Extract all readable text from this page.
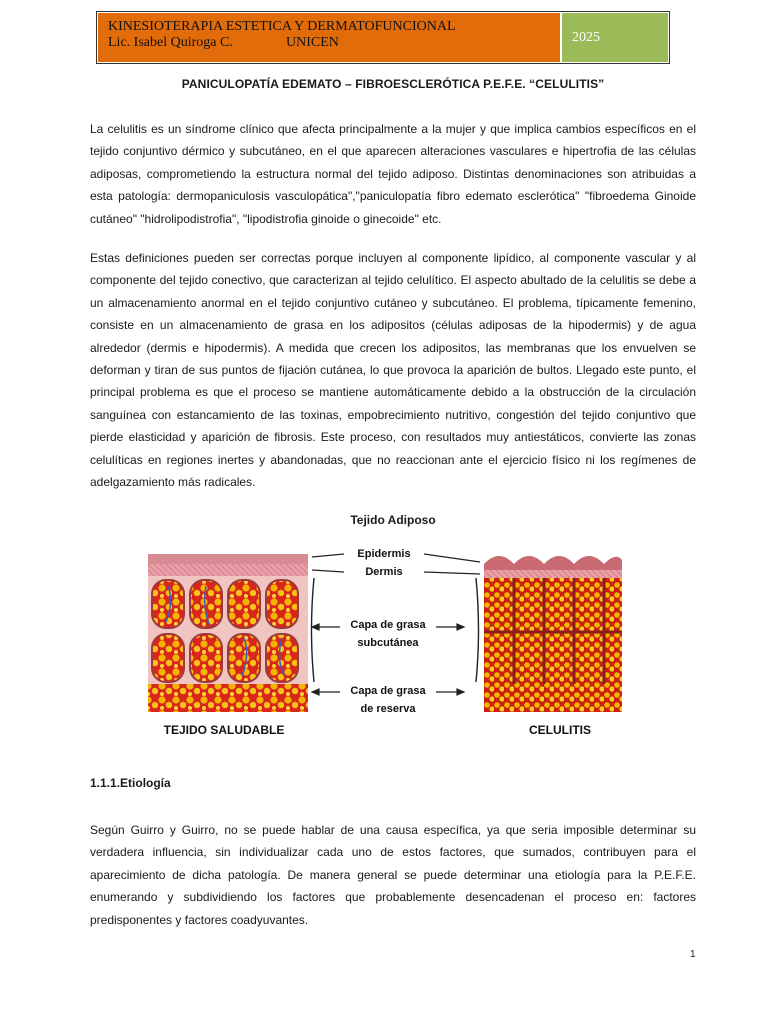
KINESIOTERAPIA ESTETICA Y DERMATOFUNCIONAL
Lic. Isabel Quiroga C.	UNICEN	2025
PANICULOPATÍA EDEMATO – FIBROESCLERÓTICA P.E.F.E. “CELULITIS”

La celulitis es un síndrome clínico que afecta principalmente a la mujer y que implica cambios específicos en el tejido conjuntivo dérmico y subcutáneo, en el que aparecen alteraciones vasculares e hipertrofia de las células adiposas, comprometiendo la estructura normal del tejido adiposo. Distintas denominaciones son atribuidas a esta patología: dermopaniculosis vasculopática","paniculopatía fibro edemato esclerótica" "fibroedema Ginoide cutáneo" "hidrolipodistrofia", "lipodistrofia ginoide o ginecoide" etc.

Estas definiciones pueden ser correctas porque incluyen al componente lipídico, al componente vascular y al componente del tejido conectivo, que caracterizan al tejido celulítico. El aspecto abultado de la celulitis se debe a un almacenamiento anormal en el tejido conjuntivo cutáneo y subcutáneo. El problema, típicamente femenino, consiste en un almacenamiento de grasa en los adipositos (células adiposas de la hipodermis) y de agua alrededor (dermis e hipodermis). A medida que crecen los adipositos, las membranas que los envuelven se deforman y tiran de sus puntos de fijación cutánea, lo que provoca la aparición de bultos. Llegado este punto, el principal problema es que el proceso se mantiene automáticamente debido a la obstrucción de la circulación sanguínea con estancamiento de las toxinas, empobrecimiento nutritivo, congestión del tejido conjuntivo que pierde elasticidad y aparición de fibrosis. Este proceso, con resultados muy antiestáticos, convierte las zonas celulíticas en regiones inertes y abandonadas, que no reaccionan ante el ejercicio físico ni los regímenes de adelgazamiento más radicales.

Tejido Adiposo
Epidermis
Dermis
Capa de grasa
subcutánea
Capa de grasa
de reserva
TEJIDO SALUDABLE	CELULITIS
1.1.1.Etiología

Según Guirro y Guirro, no se puede hablar de una causa específica, ya que seria imposible determinar su verdadera influencia, sin individualizar cada uno de estos factores, que sumados, contribuyen para el aparecimiento de dicha patología. De manera general se puede determinar una etiología para la P.E.F.E. enumerando y subdividiendo los factores que probablemente desencadenan el proceso en: factores predisponentes y factores coadyuvantes.

1
